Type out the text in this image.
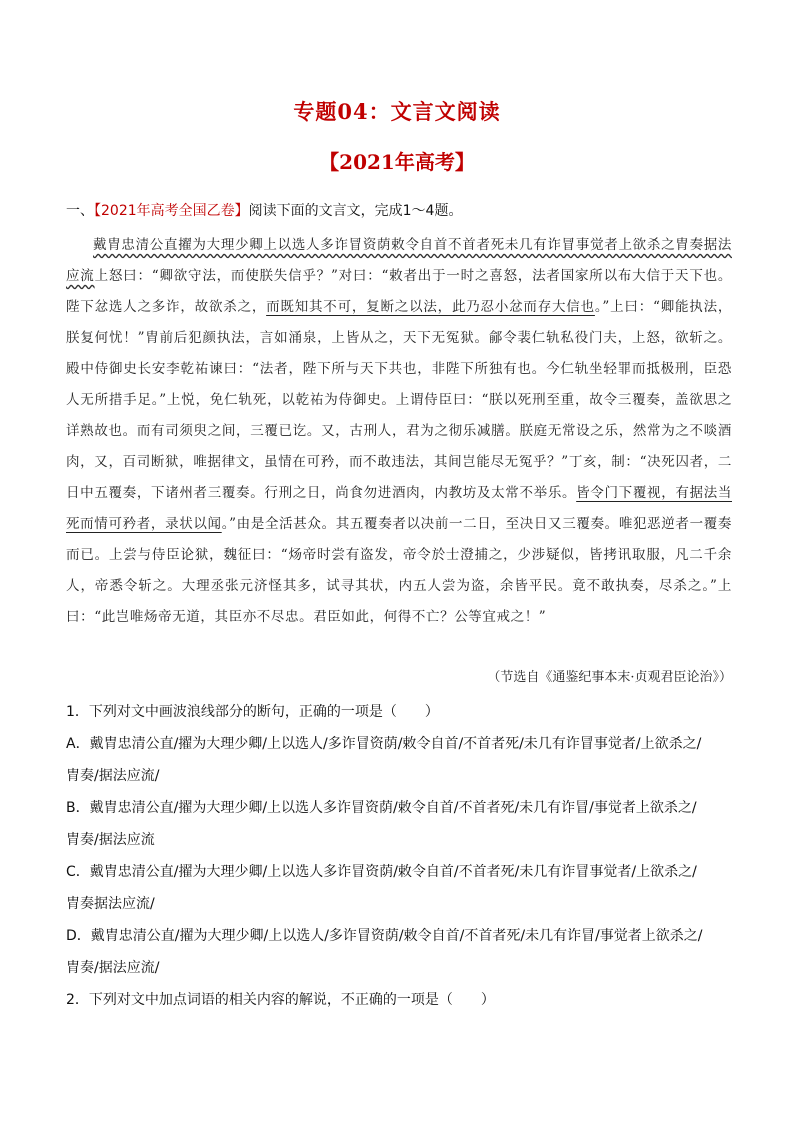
专题04：文言文阅读
【2021年高考】
一、【2021年高考全国乙卷】阅读下面的文言文，完成1～4题。
戴胄忠清公直擢为大理少卿上以选人多诈冒资荫敕令自首不首者死未几有诈冒事觉者上欲杀之胄奏据法应流上怒曰：“卿欲守法，而使朕失信乎？”对曰：“敕者出于一时之喜怒，法者国家所以布大信于天下也。陛下忿选人之多诈，故欲杀之，而既知其不可，复断之以法，此乃忍小忿而存大信也。”上曰：“卿能执法，朕复何忧！”胄前后犯颜执法，言如涌泉，上皆从之，天下无冤狱。鄃令裴仁轨私役门夫，上怒，欲斩之。殿中侍御史长安李乾祐谏曰：“法者，陛下所与天下共也，非陛下所独有也。今仁轨坐轻罪而抵极刑，臣恐人无所措手足。”上悦，免仁轨死，以乾祐为侍御史。上谓侍臣曰：“朕以死刑至重，故令三覆奏，盖欲思之详熟故也。而有司须臾之间，三覆已讫。又，古刑人，君为之彻乐减膳。朕庭无常设之乐，然常为之不啖酒肉，又，百司断狱，唯据律文，虽情在可矜，而不敢违法，其间岂能尽无冤乎？”丁亥，制：“决死囚者，二日中五覆奏，下诸州者三覆奏。行刑之日，尚食勿进酒肉，内教坊及太常不举乐。皆令门下覆视，有据法当死而情可矜者，录状以闻。”由是全活甚众。其五覆奏者以决前一二日，至决日又三覆奏。唯犯恶逆者一覆奏而已。上尝与侍臣论狱，魏征曰：“炀帝时尝有盗发，帝令於士澄捕之，少涉疑似，皆拷讯取服，凡二千余人，帝悉令斩之。大理丞张元济怪其多，试寻其状，内五人尝为盗，余皆平民。竟不敢执奏，尽杀之。”上曰：“此岂唯炀帝无道，其臣亦不尽忠。君臣如此，何得不亡？公等宜戒之！”
（节选自《通鉴纪事本末·贞观君臣论治》）
1．下列对文中画波浪线部分的断句，正确的一项是（　　）
A．戴胄忠清公直/擢为大理少卿/上以选人/多诈冒资荫/敕令自首/不首者死/未几有诈冒事觉者/上欲杀之/
胄奏/据法应流/
B．戴胄忠清公直/擢为大理少卿/上以选人多诈冒资荫/敕令自首/不首者死/未几有诈冒/事觉者上欲杀之/
胄奏/据法应流
C．戴胄忠清公直/擢为大理少卿/上以选人多诈冒资荫/敕令自首/不首者死/未几有诈冒事觉者/上欲杀之/
胄奏据法应流/
D．戴胄忠清公直/擢为大理少卿/上以选人/多诈冒资荫/敕令自首/不首者死/未几有诈冒/事觉者上欲杀之/
胄奏/据法应流/
2．下列对文中加点词语的相关内容的解说，不正确的一项是（　　）
